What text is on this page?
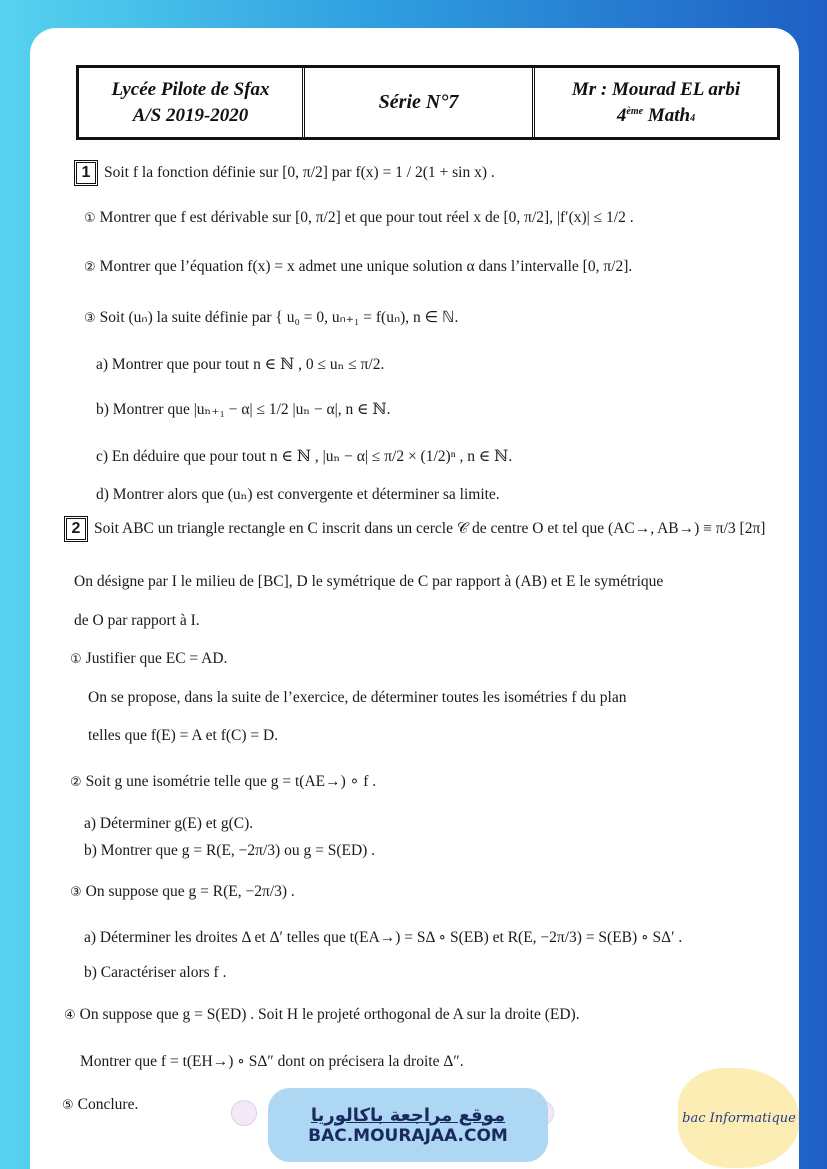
Lycée Pilote de Sfax
A/S 2019-2020
Série N°7
Mr : Mourad EL arbi
4ème Math4
1 Soit f la fonction définie sur [0, π/2] par f(x) = 1 / 2(1 + sin x) .
① Montrer que f est dérivable sur [0, π/2] et que pour tout réel x de [0, π/2], |f′(x)| ≤ 1/2 .
② Montrer que l’équation f(x) = x admet une unique solution α dans l’intervalle [0, π/2].
③ Soit (uₙ) la suite définie par { u₀ = 0, uₙ₊₁ = f(uₙ), n ∈ ℕ.
a) Montrer que pour tout n ∈ ℕ , 0 ≤ uₙ ≤ π/2.
b) Montrer que |uₙ₊₁ − α| ≤ 1/2 |uₙ − α|, n ∈ ℕ.
c) En déduire que pour tout n ∈ ℕ , |uₙ − α| ≤ π/2 × (1/2)ⁿ , n ∈ ℕ.
d) Montrer alors que (uₙ) est convergente et déterminer sa limite.
2 Soit ABC un triangle rectangle en C inscrit dans un cercle 𝒞 de centre O et tel que (AC→, AB→) ≡ π/3 [2π]
On désigne par I le milieu de [BC], D le symétrique de C par rapport à (AB) et E le symétrique
de O par rapport à I.
① Justifier que EC = AD.
On se propose, dans la suite de l’exercice, de déterminer toutes les isométries f du plan
telles que f(E) = A et f(C) = D.
② Soit g une isométrie telle que g = t(AE→) ∘ f .
a) Déterminer g(E) et g(C).
b) Montrer que g = R(E, −2π/3) ou g = S(ED) .
③ On suppose que g = R(E, −2π/3) .
a) Déterminer les droites Δ et Δ′ telles que t(EA→) = SΔ ∘ S(EB) et R(E, −2π/3) = S(EB) ∘ SΔ′ .
b) Caractériser alors f .
④ On suppose que g = S(ED) . Soit H le projeté orthogonal de A sur la droite (ED).
Montrer que f = t(EH→) ∘ SΔ″ dont on précisera la droite Δ″.
⑤ Conclure.	موقع مراجعة باكالوريا
BAC.MOURAJAA.COM
bac Informatique
